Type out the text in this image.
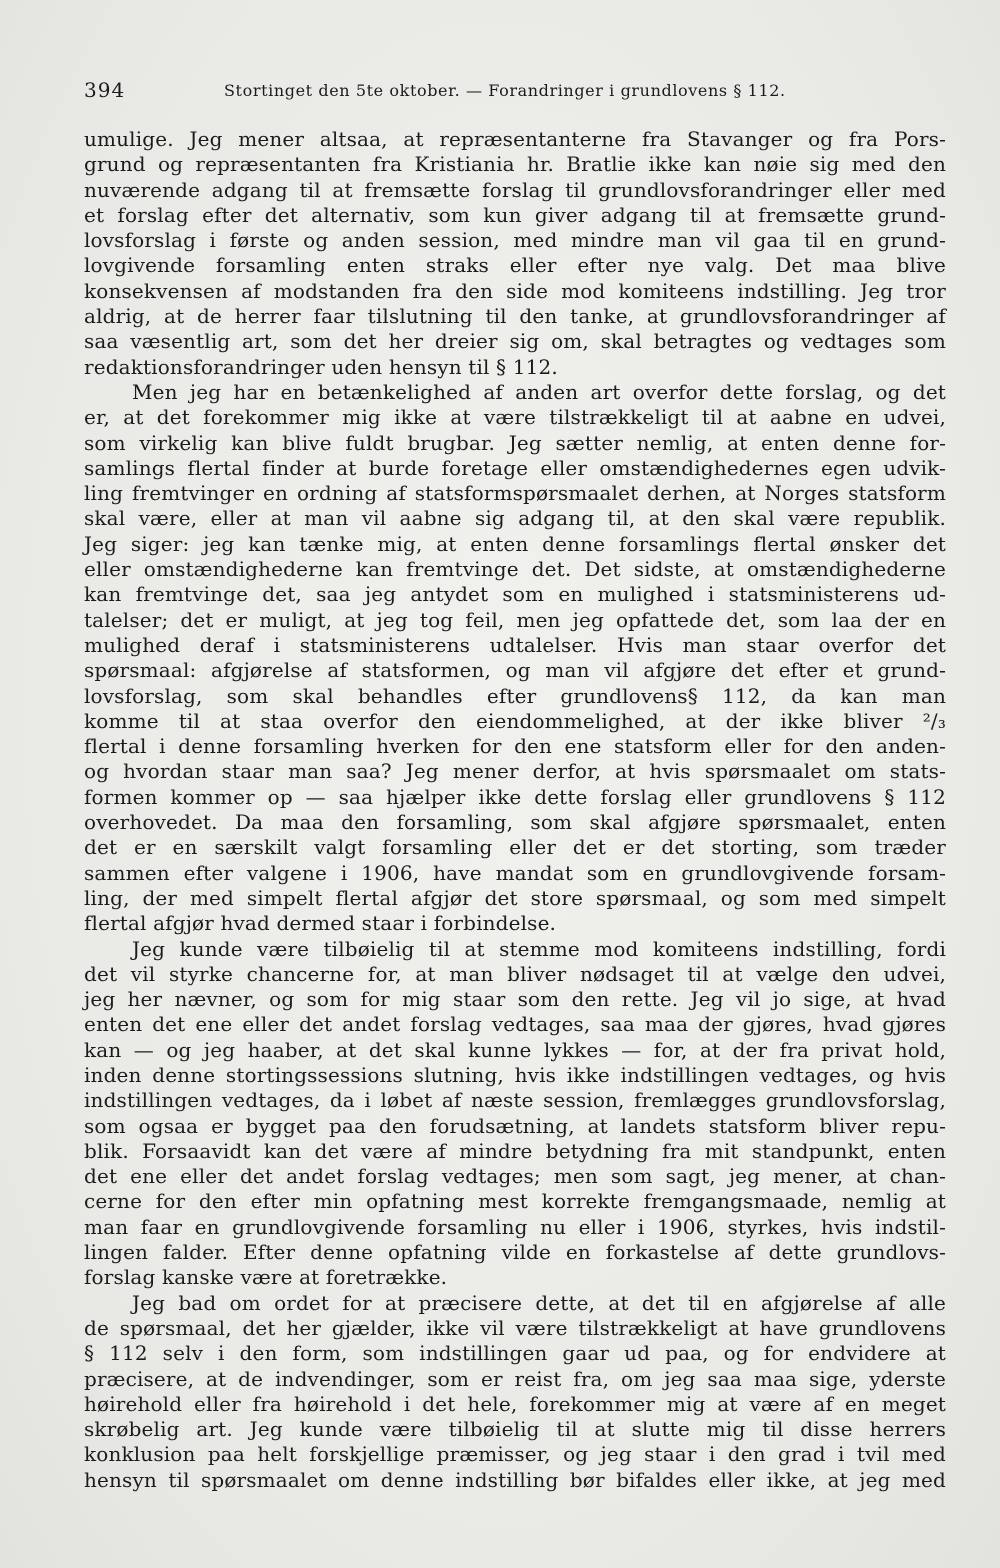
394	Stortinget den 5te oktober. — Forandringer i grundlovens § 112.
umulige. Jeg mener altsaa, at repræsentanterne fra Stavanger og fra Pors-
grund og repræsentanten fra Kristiania hr. Bratlie ikke kan nøie sig med den
nuværende adgang til at fremsætte forslag til grundlovsforandringer eller med
et forslag efter det alternativ, som kun giver adgang til at fremsætte grund-
lovsforslag i første og anden session, med mindre man vil gaa til en grund-
lovgivende forsamling enten straks eller efter nye valg. Det maa blive
konsekvensen af modstanden fra den side mod komiteens indstilling. Jeg tror
aldrig, at de herrer faar tilslutning til den tanke, at grundlovsforandringer af
saa væsentlig art, som det her dreier sig om, skal betragtes og vedtages som
redaktionsforandringer uden hensyn til § 112.
Men jeg har en betænkelighed af anden art overfor dette forslag, og det
er, at det forekommer mig ikke at være tilstrækkeligt til at aabne en udvei,
som virkelig kan blive fuldt brugbar. Jeg sætter nemlig, at enten denne for-
samlings flertal finder at burde foretage eller omstændighedernes egen udvik-
ling fremtvinger en ordning af statsformspørsmaalet derhen, at Norges statsform
skal være, eller at man vil aabne sig adgang til, at den skal være republik.
Jeg siger: jeg kan tænke mig, at enten denne forsamlings flertal ønsker det
eller omstændighederne kan fremtvinge det. Det sidste, at omstændighederne
kan fremtvinge det, saa jeg antydet som en mulighed i statsministerens ud-
talelser; det er muligt, at jeg tog feil, men jeg opfattede det, som laa der en
mulighed deraf i statsministerens udtalelser. Hvis man staar overfor det
spørsmaal: afgjørelse af statsformen, og man vil afgjøre det efter et grund-
lovsforslag, som skal behandles efter grundlovens§ 112, da kan man
komme til at staa overfor den eiendommelighed, at der ikke bliver ²/₃
flertal i denne forsamling hverken for den ene statsform eller for den anden-
og hvordan staar man saa? Jeg mener derfor, at hvis spørsmaalet om stats-
formen kommer op — saa hjælper ikke dette forslag eller grundlovens § 112
overhovedet. Da maa den forsamling, som skal afgjøre spørsmaalet, enten
det er en særskilt valgt forsamling eller det er det storting, som træder
sammen efter valgene i 1906, have mandat som en grundlovgivende forsam-
ling, der med simpelt flertal afgjør det store spørsmaal, og som med simpelt
flertal afgjør hvad dermed staar i forbindelse.
Jeg kunde være tilbøielig til at stemme mod komiteens indstilling, fordi
det vil styrke chancerne for, at man bliver nødsaget til at vælge den udvei,
jeg her nævner, og som for mig staar som den rette. Jeg vil jo sige, at hvad
enten det ene eller det andet forslag vedtages, saa maa der gjøres, hvad gjøres
kan — og jeg haaber, at det skal kunne lykkes — for, at der fra privat hold,
inden denne stortingssessions slutning, hvis ikke indstillingen vedtages, og hvis
indstillingen vedtages, da i løbet af næste session, fremlægges grundlovsforslag,
som ogsaa er bygget paa den forudsætning, at landets statsform bliver repu-
blik. Forsaavidt kan det være af mindre betydning fra mit standpunkt, enten
det ene eller det andet forslag vedtages; men som sagt, jeg mener, at chan-
cerne for den efter min opfatning mest korrekte fremgangsmaade, nemlig at
man faar en grundlovgivende forsamling nu eller i 1906, styrkes, hvis indstil-
lingen falder. Efter denne opfatning vilde en forkastelse af dette grundlovs-
forslag kanske være at foretrække.
Jeg bad om ordet for at præcisere dette, at det til en afgjørelse af alle
de spørsmaal, det her gjælder, ikke vil være tilstrækkeligt at have grundlovens
§ 112 selv i den form, som indstillingen gaar ud paa, og for endvidere at
præcisere, at de indvendinger, som er reist fra, om jeg saa maa sige, yderste
høirehold eller fra høirehold i det hele, forekommer mig at være af en meget
skrøbelig art. Jeg kunde være tilbøielig til at slutte mig til disse herrers
konklusion paa helt forskjellige præmisser, og jeg staar i den grad i tvil med
hensyn til spørsmaalet om denne indstilling bør bifaldes eller ikke, at jeg med
